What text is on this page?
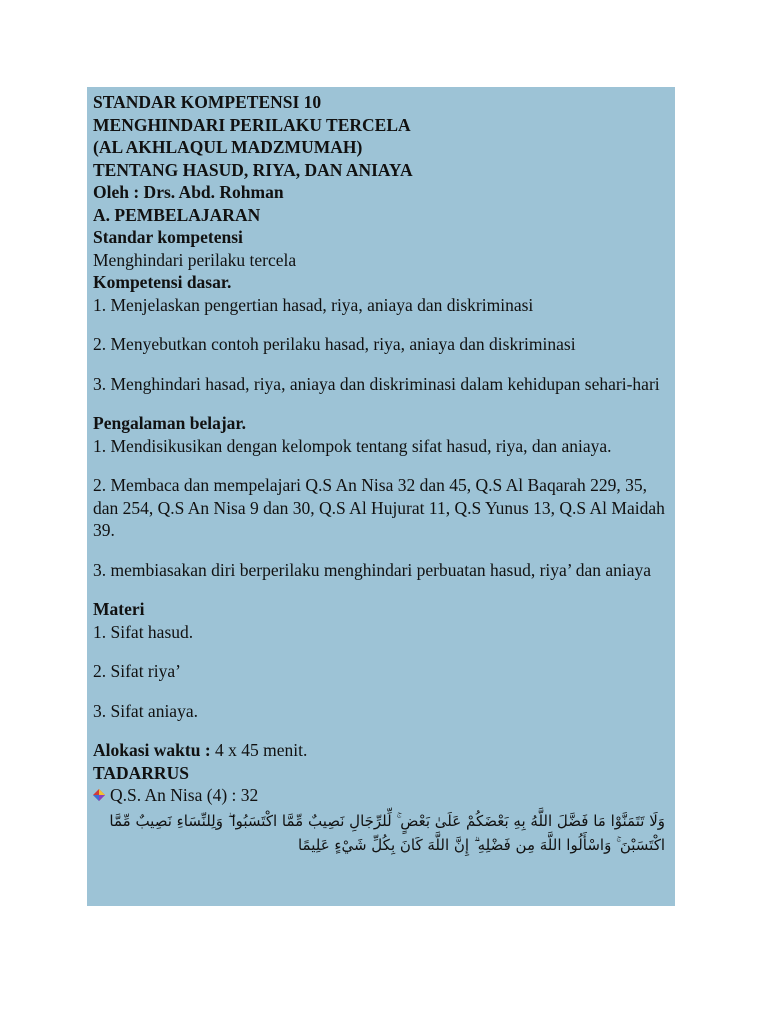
STANDAR KOMPETENSI 10
MENGHINDARI PERILAKU TERCELA
(AL AKHLAQUL MADZMUMAH)
TENTANG HASUD, RIYA, DAN ANIAYA
Oleh : Drs. Abd. Rohman
A. PEMBELAJARAN
Standar kompetensi
Menghindari perilaku tercela
Kompetensi dasar.
1. Menjelaskan pengertian hasad, riya, aniaya dan diskriminasi
2. Menyebutkan contoh perilaku hasad, riya, aniaya dan diskriminasi
3. Menghindari hasad, riya, aniaya dan diskriminasi dalam kehidupan sehari-hari
Pengalaman belajar.
1. Mendisikusikan dengan kelompok tentang sifat hasud, riya, dan aniaya.
2. Membaca dan mempelajari Q.S An Nisa 32 dan 45, Q.S Al Baqarah 229, 35, dan 254, Q.S An Nisa 9 dan 30, Q.S Al Hujurat 11, Q.S Yunus 13, Q.S Al Maidah 39.
3. membiasakan diri berperilaku menghindari perbuatan hasud, riya’ dan aniaya
Materi
1. Sifat hasud.
2. Sifat riya’
3. Sifat aniaya.
Alokasi waktu : 4 x 45 menit.
TADARRUS
Q.S. An Nisa (4) : 32
وَلَا تَتَمَنَّوْا مَا فَضَّلَ اللَّهُ بِهِ بَعْضَكُمْ عَلَىٰ بَعْضٍ ۚ لِّلرِّجَالِ نَصِيبٌ مِّمَّا اكْتَسَبُوا ۖ وَلِلنِّسَاءِ نَصِيبٌ مِّمَّا اكْتَسَبْنَ ۚ وَاسْأَلُوا اللَّهَ مِن فَضْلِهِ ۗ إِنَّ اللَّهَ كَانَ بِكُلِّ شَيْءٍ عَلِيمًا
